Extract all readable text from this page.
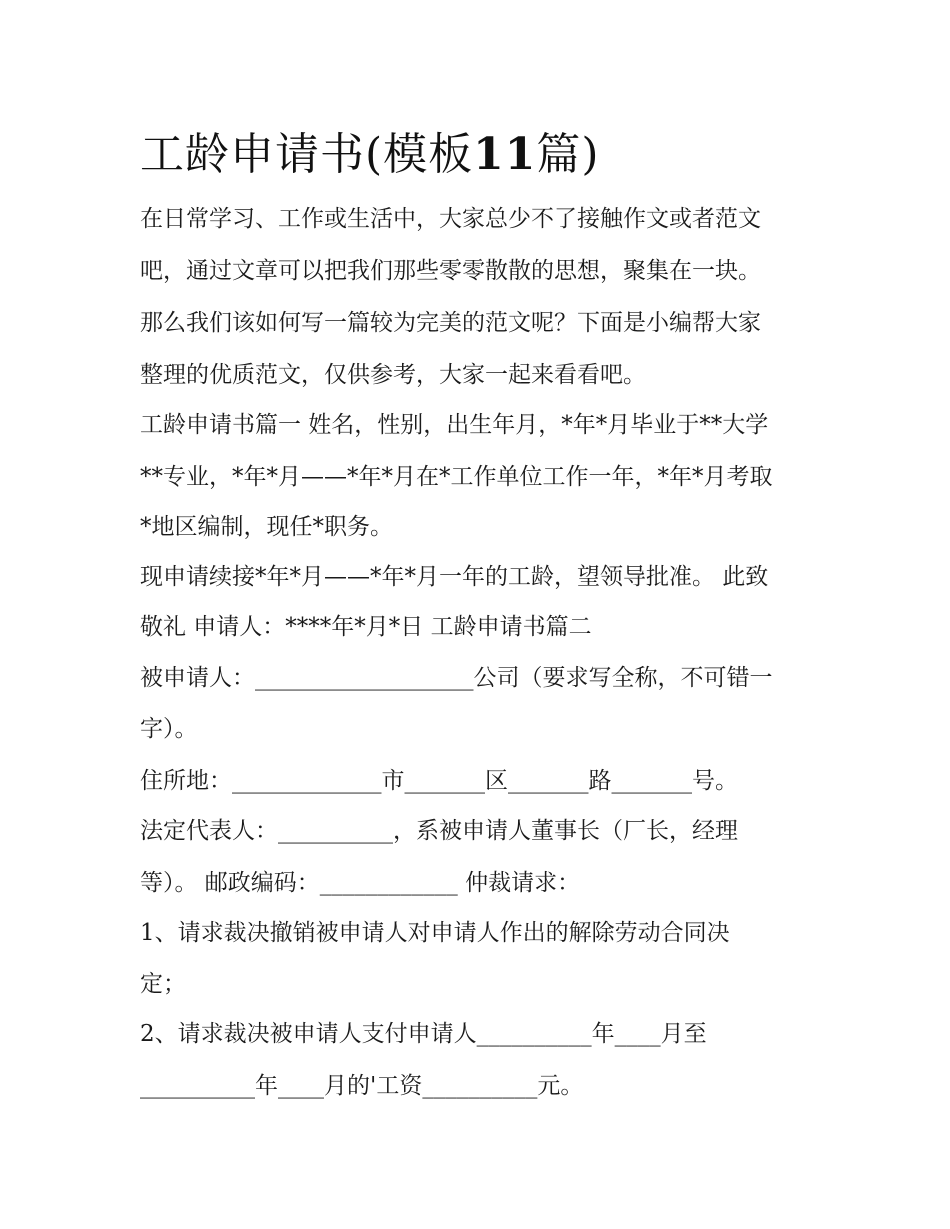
工龄申请书(模板11篇)

在日常学习、工作或生活中，大家总少不了接触作文或者范文

吧，通过文章可以把我们那些零零散散的思想，聚集在一块。

那么我们该如何写一篇较为完美的范文呢？下面是小编帮大家

整理的优质范文，仅供参考，大家一起来看看吧。

工龄申请书篇一 姓名，性别，出生年月，*年*月毕业于**大学

**专业，*年*月——*年*月在*工作单位工作一年，*年*月考取

*地区编制，现任*职务。

现申请续接*年*月——*年*月一年的工龄，望领导批准。 此致

敬礼 申请人：****年*月*日 工龄申请书篇二

被申请人：___________________公司（要求写全称，不可错一

字）。

住所地：_____________市_______区_______路_______号。

法定代表人：__________，系被申请人董事长（厂长，经理

等）。 邮政编码：____________ 仲裁请求：

1、请求裁决撤销被申请人对申请人作出的解除劳动合同决

定；

2、请求裁决被申请人支付申请人__________年____月至

__________年____月的'工资__________元。
